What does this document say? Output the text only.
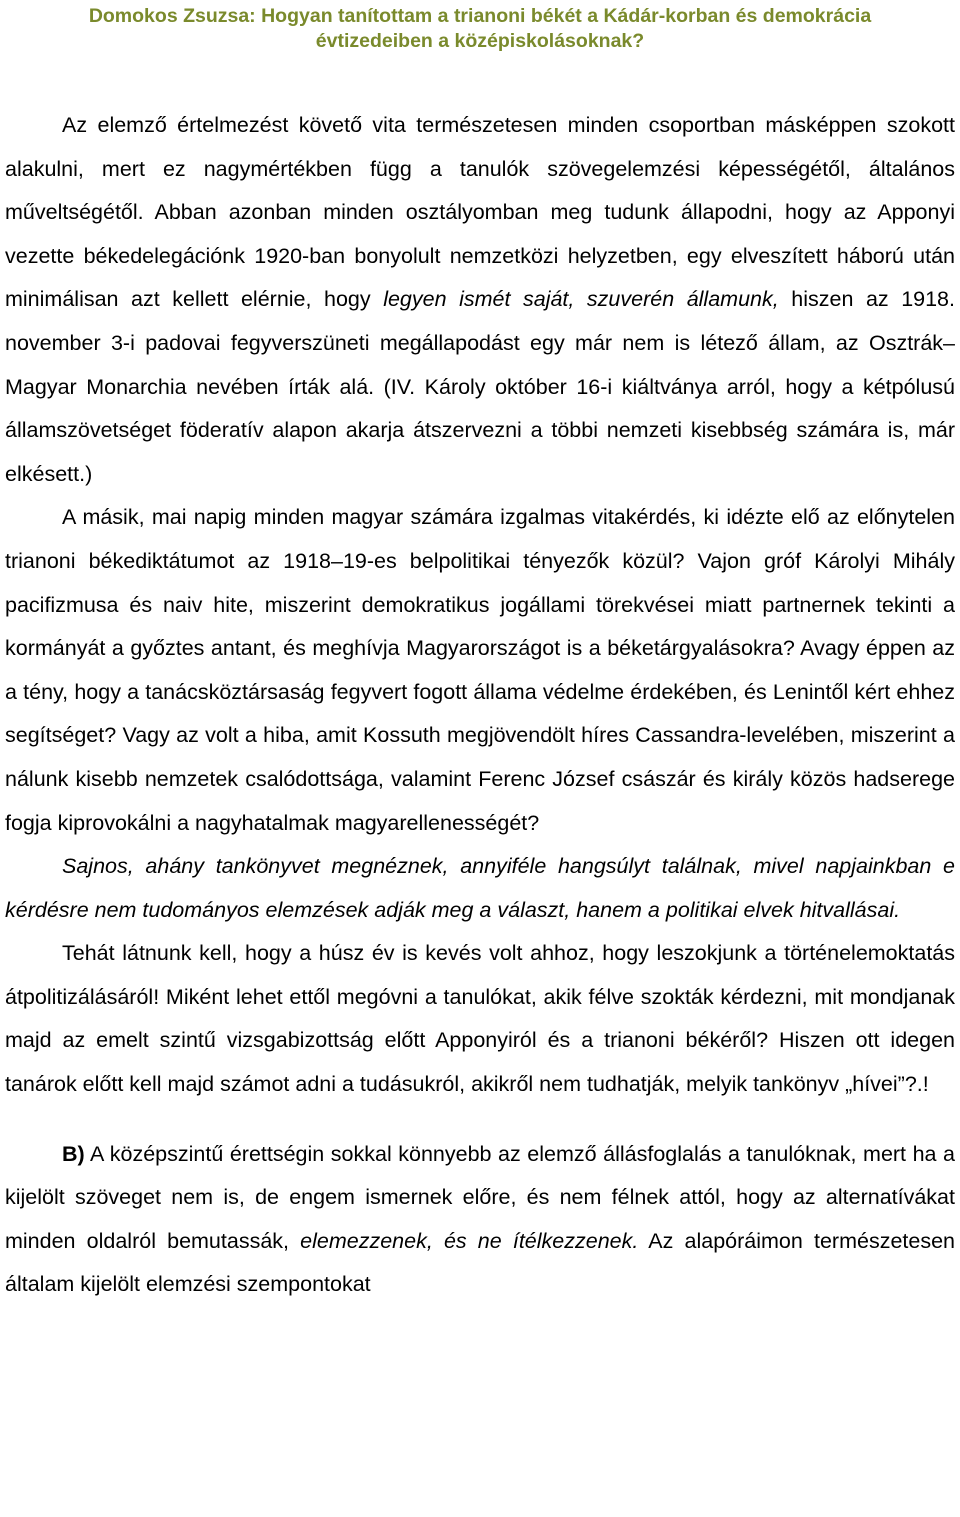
Domokos Zsuzsa: Hogyan tanítottam a trianoni békét a Kádár-korban és demokrácia
évtizedeiben a középiskolásoknak?

Az elemző értelmezést követő vita természetesen minden csoportban másképpen szokott alakulni, mert ez nagymértékben függ a tanulók szövegelemzési képességétől, általános műveltségétől. Abban azonban minden osztályomban meg tudunk állapodni, hogy az Apponyi vezette békedelegációnk 1920-ban bonyolult nemzetközi helyzetben, egy elveszített háború után minimálisan azt kellett elérnie, hogy legyen ismét saját, szuverén államunk, hiszen az 1918. november 3-i padovai fegyverszüneti megállapodást egy már nem is létező állam, az Osztrák–Magyar Monarchia nevében írták alá. (IV. Károly október 16-i kiáltványa arról, hogy a kétpólusú államszövetséget föderatív alapon akarja átszervezni a többi nemzeti kisebbség számára is, már elkésett.)

A másik, mai napig minden magyar számára izgalmas vitakérdés, ki idézte elő az előnytelen trianoni békediktátumot az 1918–19-es belpolitikai tényezők közül? Vajon gróf Károlyi Mihály pacifizmusa és naiv hite, miszerint demokratikus jogállami törekvései miatt partnernek tekinti a kormányát a győztes antant, és meghívja Magyarországot is a béketárgyalásokra? Avagy éppen az a tény, hogy a tanácsköztársaság fegyvert fogott állama védelme érdekében, és Lenintől kért ehhez segítséget? Vagy az volt a hiba, amit Kossuth megjövendölt híres Cassandra-levelében, miszerint a nálunk kisebb nemzetek csalódottsága, valamint Ferenc József császár és király közös hadserege fogja kiprovokálni a nagyhatalmak magyarellenességét?

Sajnos, ahány tankönyvet megnéznek, annyiféle hangsúlyt találnak, mivel napjainkban e kérdésre nem tudományos elemzések adják meg a választ, hanem a politikai elvek hitvallásai.

Tehát látnunk kell, hogy a húsz év is kevés volt ahhoz, hogy leszokjunk a történelemoktatás átpolitizálásáról! Miként lehet ettől megóvni a tanulókat, akik félve szokták kérdezni, mit mondjanak majd az emelt szintű vizsgabizottság előtt Apponyiról és a trianoni békéről? Hiszen ott idegen tanárok előtt kell majd számot adni a tudásukról, akikről nem tudhatják, melyik tankönyv „hívei”?.!

B) A középszintű érettségin sokkal könnyebb az elemző állásfoglalás a tanulóknak, mert ha a kijelölt szöveget nem is, de engem ismernek előre, és nem félnek attól, hogy az alternatívákat minden oldalról bemutassák, elemezzenek, és ne ítélkezzenek. Az alapóráimon természetesen általam kijelölt elemzési szempontokat
